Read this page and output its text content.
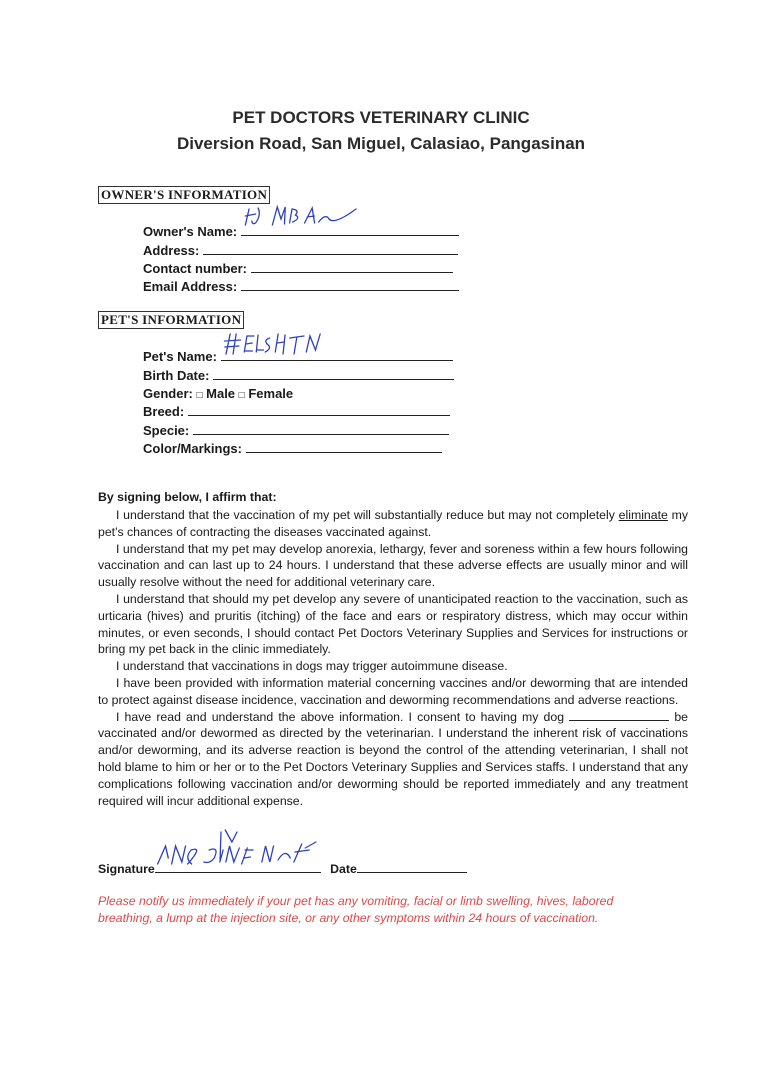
PET DOCTORS VETERINARY CLINIC
Diversion Road, San Miguel, Calasiao, Pangasinan
OWNER'S INFORMATION
Owner's Name:
Address:
Contact number:
Email Address:
PET'S INFORMATION
Pet's Name:
Birth Date:
Gender: □ Male □ Female
Breed:
Specie:
Color/Markings:
By signing below, I affirm that:

I understand that the vaccination of my pet will substantially reduce but may not completely eliminate my pet's chances of contracting the diseases vaccinated against.

I understand that my pet may develop anorexia, lethargy, fever and soreness within a few hours following vaccination and can last up to 24 hours. I understand that these adverse effects are usually minor and will usually resolve without the need for additional veterinary care.

I understand that should my pet develop any severe of unanticipated reaction to the vaccination, such as urticaria (hives) and pruritis (itching) of the face and ears or respiratory distress, which may occur within minutes, or even seconds, I should contact Pet Doctors Veterinary Supplies and Services for instructions or bring my pet back in the clinic immediately.

I understand that vaccinations in dogs may trigger autoimmune disease.

I have been provided with information material concerning vaccines and/or deworming that are intended to protect against disease incidence, vaccination and deworming recommendations and adverse reactions.

I have read and understand the above information. I consent to having my dog	be vaccinated and/or dewormed as directed by the veterinarian. I understand the inherent risk of vaccinations and/or deworming, and its adverse reaction is beyond the control of the attending veterinarian, I shall not hold blame to him or her or to the Pet Doctors Veterinary Supplies and Services staffs. I understand that any complications following vaccination and/or deworming should be reported immediately and any treatment required will incur additional expense.

Signature	Date
Please notify us immediately if your pet has any vomiting, facial or limb swelling, hives, labored breathing, a lump at the injection site, or any other symptoms within 24 hours of vaccination.
